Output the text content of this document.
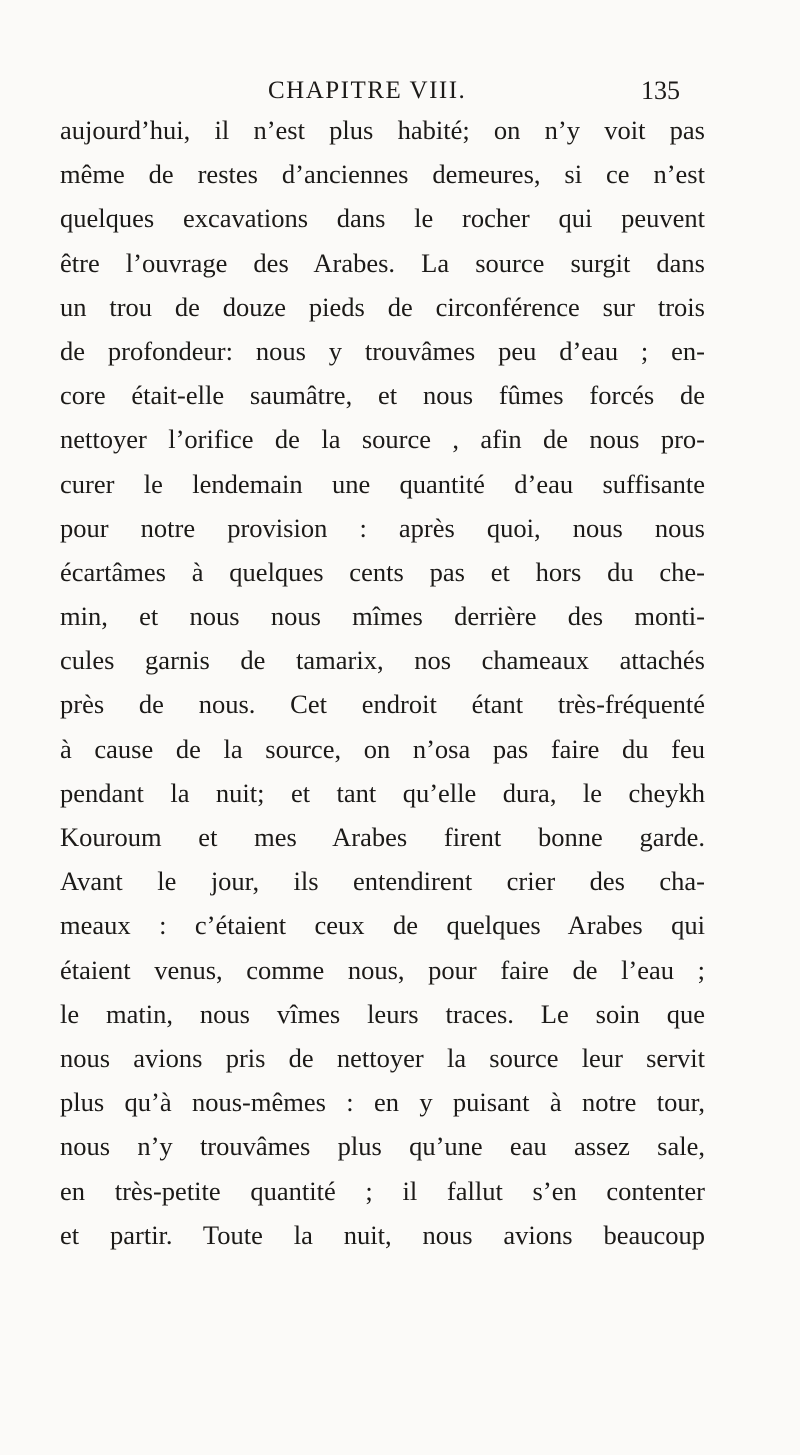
CHAPITRE VIII.	135
aujourd’hui, il n’est plus habité; on n’y voit pas
même de restes d’anciennes demeures, si ce n’est
quelques excavations dans le rocher qui peuvent
être l’ouvrage des Arabes. La source surgit dans
un trou de douze pieds de circonférence sur trois
de profondeur: nous y trouvâmes peu d’eau ; en-
core était-elle saumâtre, et nous fûmes forcés de
nettoyer l’orifice de la source , afin de nous pro-
curer le lendemain une quantité d’eau suffisante
pour notre provision : après quoi, nous nous
écartâmes à quelques cents pas et hors du che-
min, et nous nous mîmes derrière des monti-
cules garnis de tamarix, nos chameaux attachés
près de nous. Cet endroit étant très-fréquenté
à cause de la source, on n’osa pas faire du feu
pendant la nuit; et tant qu’elle dura, le cheykh
Kouroum et mes Arabes firent bonne garde.
Avant le jour, ils entendirent crier des cha-
meaux : c’étaient ceux de quelques Arabes qui
étaient venus, comme nous, pour faire de l’eau ;
le matin, nous vîmes leurs traces. Le soin que
nous avions pris de nettoyer la source leur servit
plus qu’à nous-mêmes : en y puisant à notre tour,
nous n’y trouvâmes plus qu’une eau assez sale,
en très-petite quantité ; il fallut s’en contenter
et partir. Toute la nuit, nous avions beaucoup
